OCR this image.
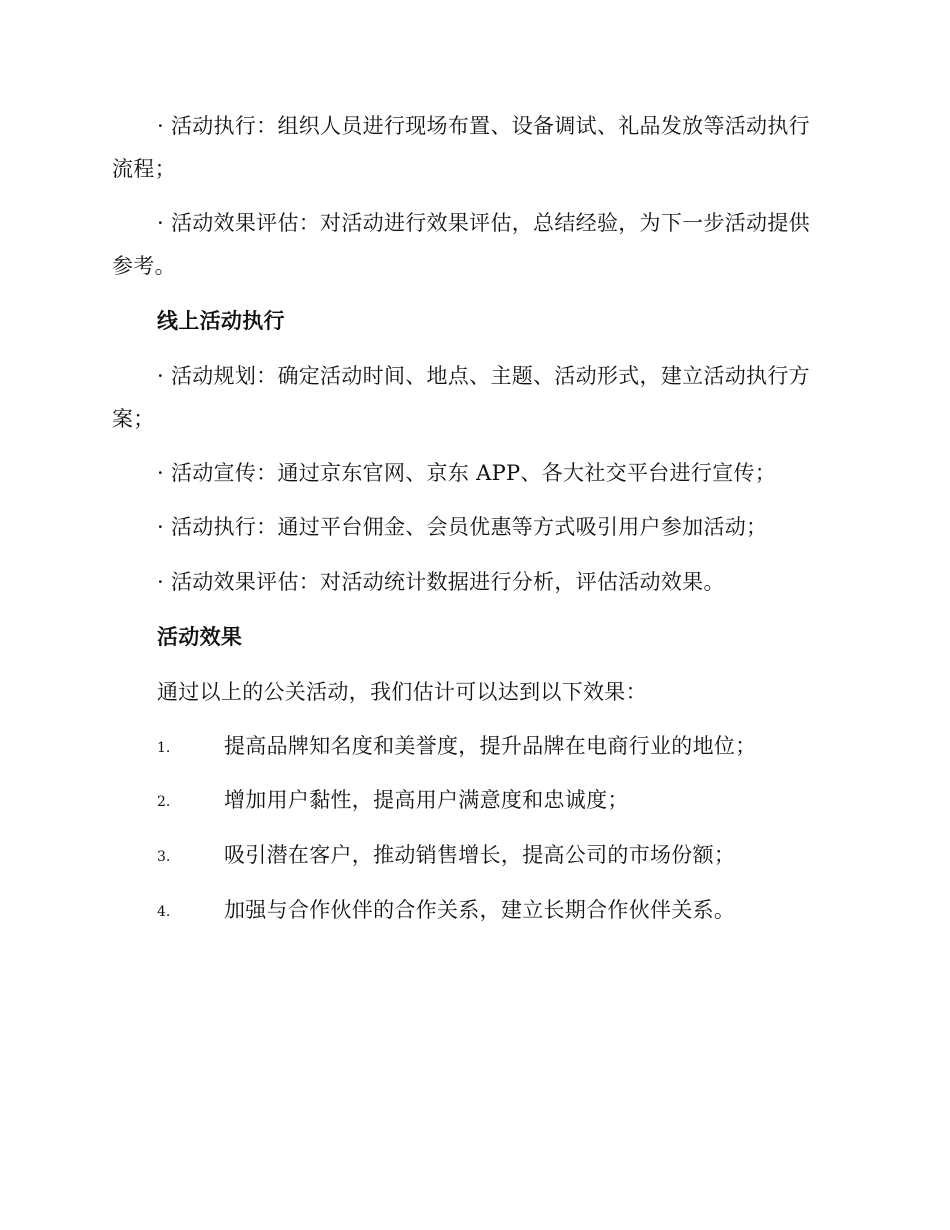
· 活动执行：组织人员进行现场布置、设备调试、礼品发放等活动执行
流程；
· 活动效果评估：对活动进行效果评估，总结经验，为下一步活动提供
参考。
线上活动执行
· 活动规划：确定活动时间、地点、主题、活动形式，建立活动执行方
案；
· 活动宣传：通过京东官网、京东 APP、各大社交平台进行宣传；
· 活动执行：通过平台佣金、会员优惠等方式吸引用户参加活动；
· 活动效果评估：对活动统计数据进行分析，评估活动效果。
活动效果
通过以上的公关活动，我们估计可以达到以下效果：
1.	提高品牌知名度和美誉度，提升品牌在电商行业的地位；
2.	增加用户黏性，提高用户满意度和忠诚度；
3.	吸引潜在客户，推动销售增长，提高公司的市场份额；
4.	加强与合作伙伴的合作关系，建立长期合作伙伴关系。
